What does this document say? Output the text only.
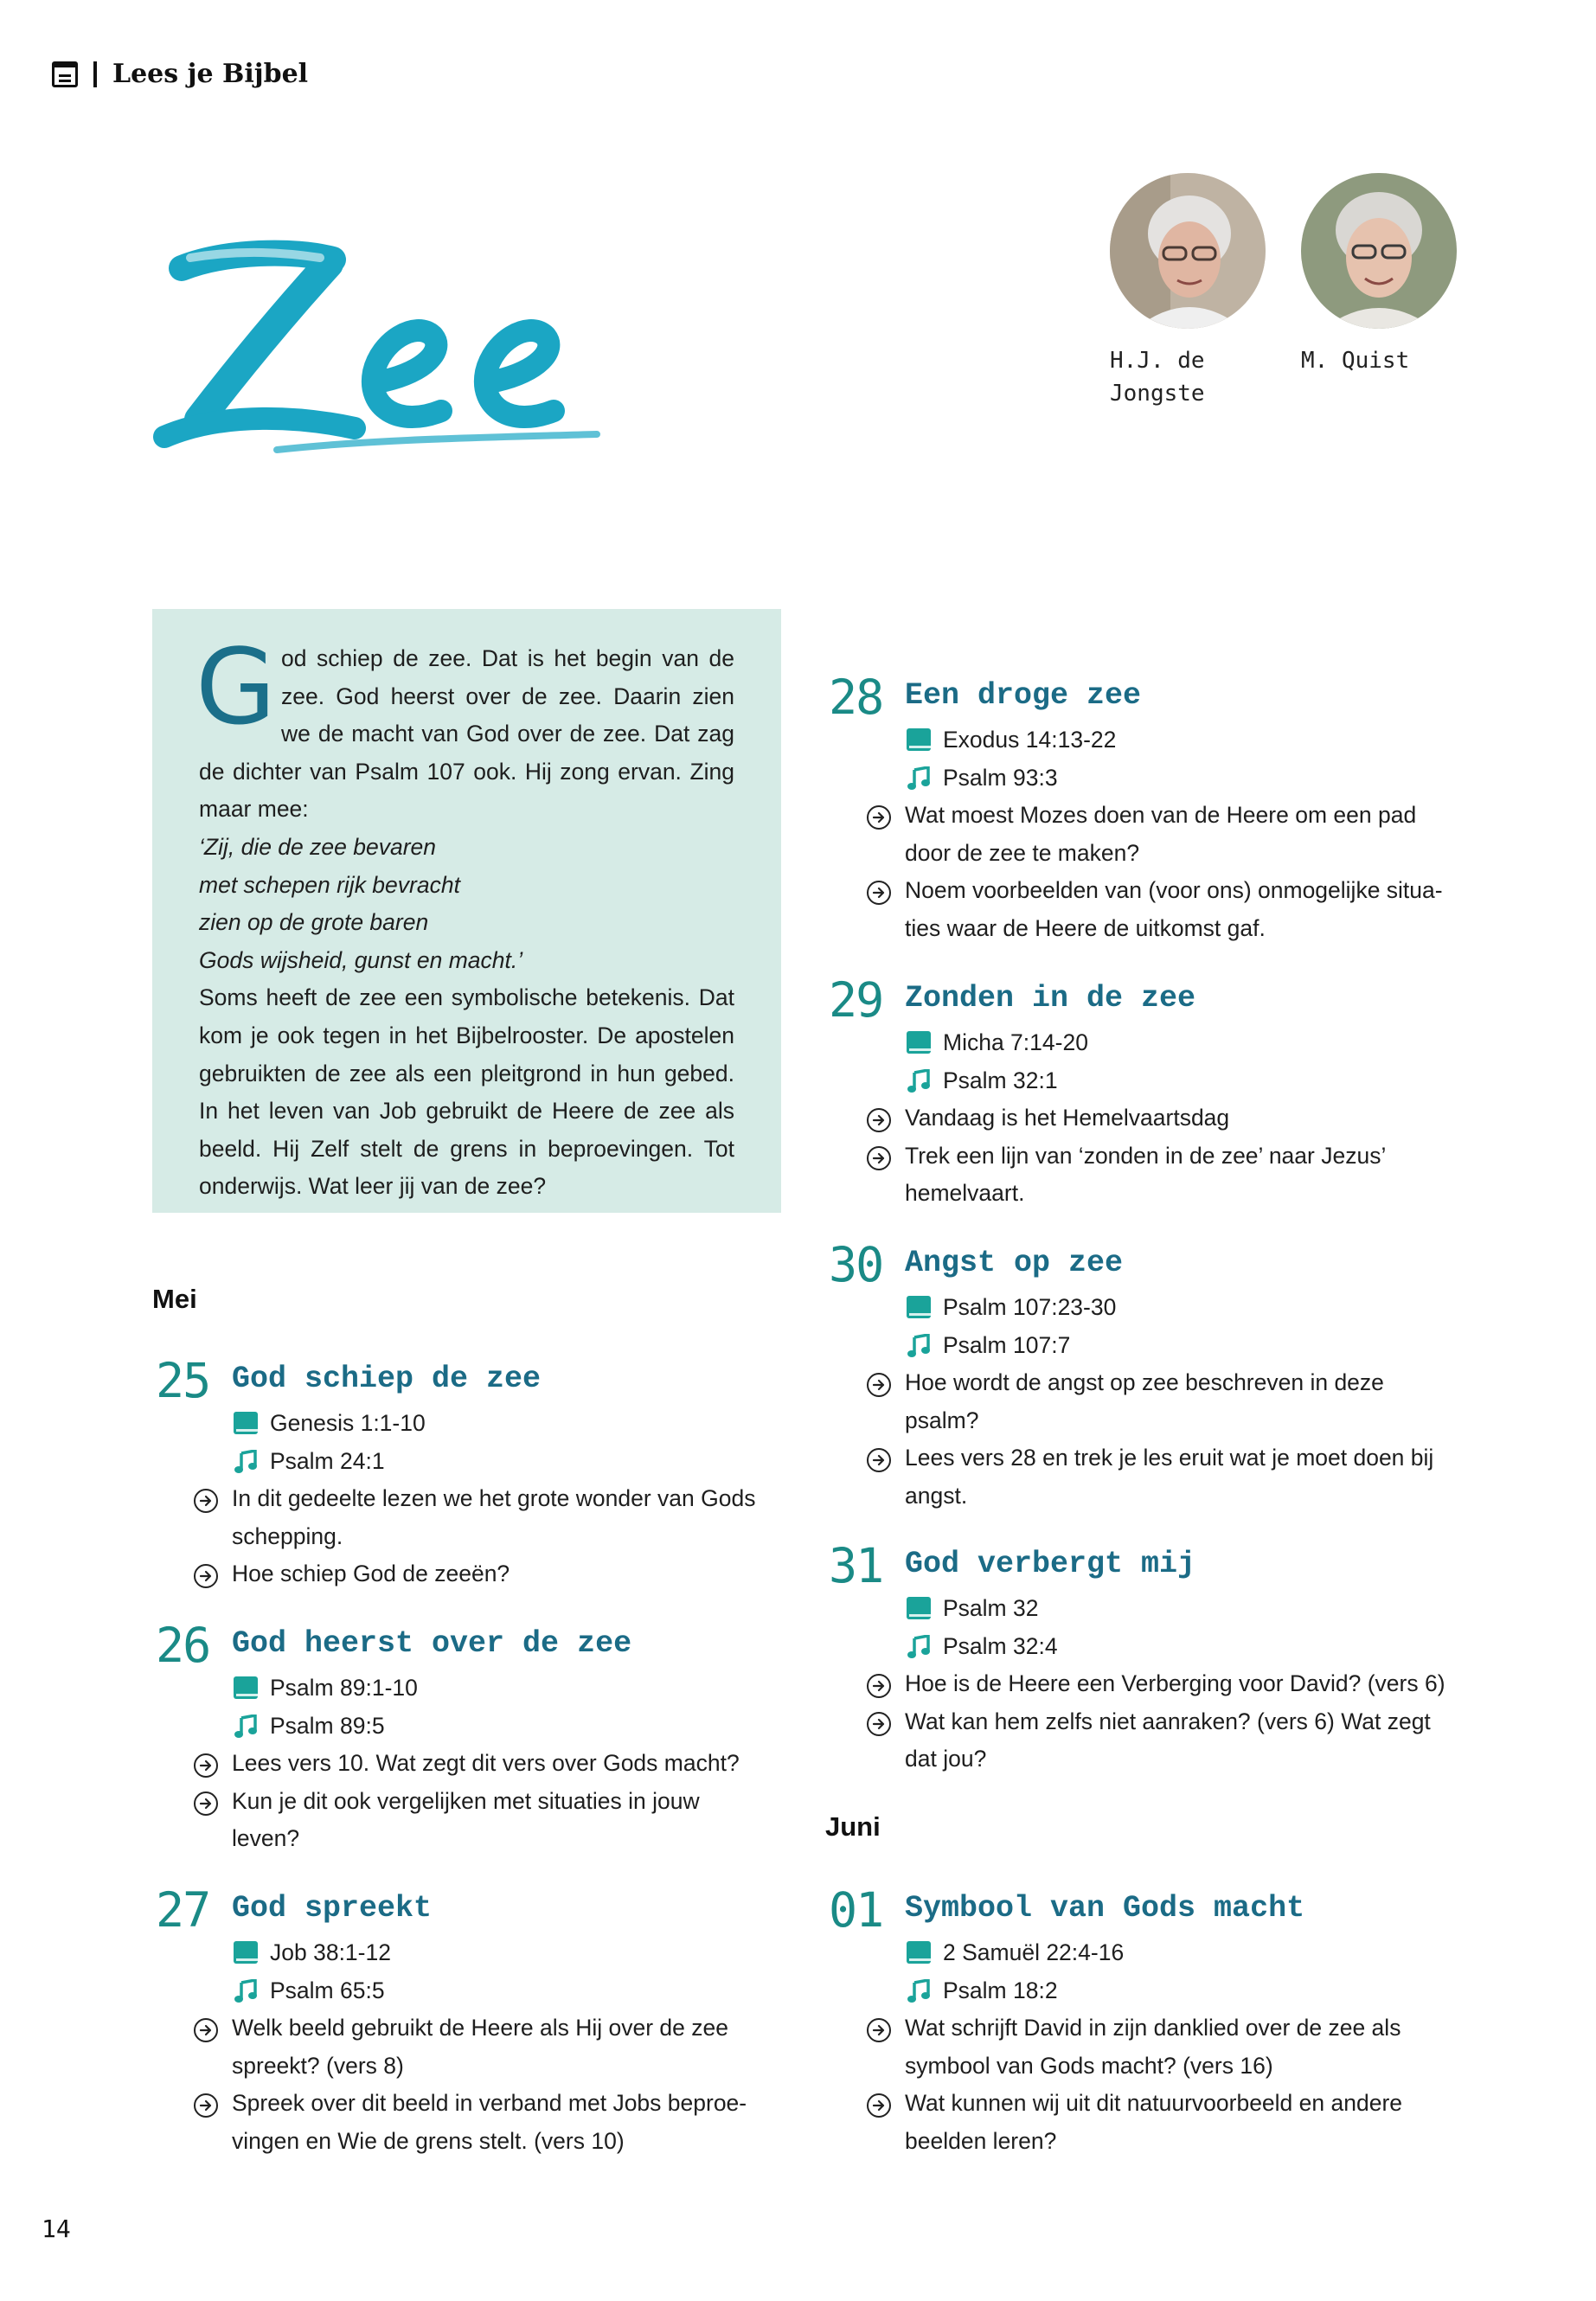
Lees je Bijbel
Zee
H.J. de
Jongste
M. Quist

God schiep de zee. Dat is het begin van de zee. God heerst over de zee. Daarin zien we de macht van God over de zee. Dat zag de dichter van Psalm 107 ook. Hij zong ervan. Zing maar mee:

‘Zij, die de zee bevaren

met schepen rijk bevracht

zien op de grote baren

Gods wijsheid, gunst en macht.’

Soms heeft de zee een symbolische betekenis. Dat kom je ook tegen in het Bijbelrooster. De apostelen gebruikten de zee als een pleitgrond in hun gebed. In het leven van Job gebruikt de Heere de zee als beeld. Hij Zelf stelt de grens in beproevingen. Tot onderwijs. Wat leer jij van de zee?

Mei
Juni
25 God schiep de zee
Genesis 1:1-10
Psalm 24:1
In dit gedeelte lezen we het grote wonder van Gods
schepping.
Hoe schiep God de zeeën?
26 God heerst over de zee
Psalm 89:1-10
Psalm 89:5
Lees vers 10. Wat zegt dit vers over Gods macht?
Kun je dit ook vergelijken met situaties in jouw
leven?
27 God spreekt
Job 38:1-12
Psalm 65:5
Welk beeld gebruikt de Heere als Hij over de zee
spreekt? (vers 8)
Spreek over dit beeld in verband met Jobs beproe-
vingen en Wie de grens stelt. (vers 10)
28 Een droge zee
Exodus 14:13-22
Psalm 93:3
Wat moest Mozes doen van de Heere om een pad
door de zee te maken?
Noem voorbeelden van (voor ons) onmogelijke situa-
ties waar de Heere de uitkomst gaf.
29 Zonden in de zee
Micha 7:14-20
Psalm 32:1
Vandaag is het Hemelvaartsdag
Trek een lijn van ‘zonden in de zee’ naar Jezus’
hemelvaart.
30 Angst op zee
Psalm 107:23-30
Psalm 107:7
Hoe wordt de angst op zee beschreven in deze
psalm?
Lees vers 28 en trek je les eruit wat je moet doen bij
angst.
31 God verbergt mij
Psalm 32
Psalm 32:4
Hoe is de Heere een Verberging voor David? (vers 6)
Wat kan hem zelfs niet aanraken? (vers 6) Wat zegt
dat jou?
01 Symbool van Gods macht
2 Samuël 22:4-16
Psalm 18:2
Wat schrijft David in zijn danklied over de zee als
symbool van Gods macht? (vers 16)
Wat kunnen wij uit dit natuurvoorbeeld en andere
beelden leren?
14
